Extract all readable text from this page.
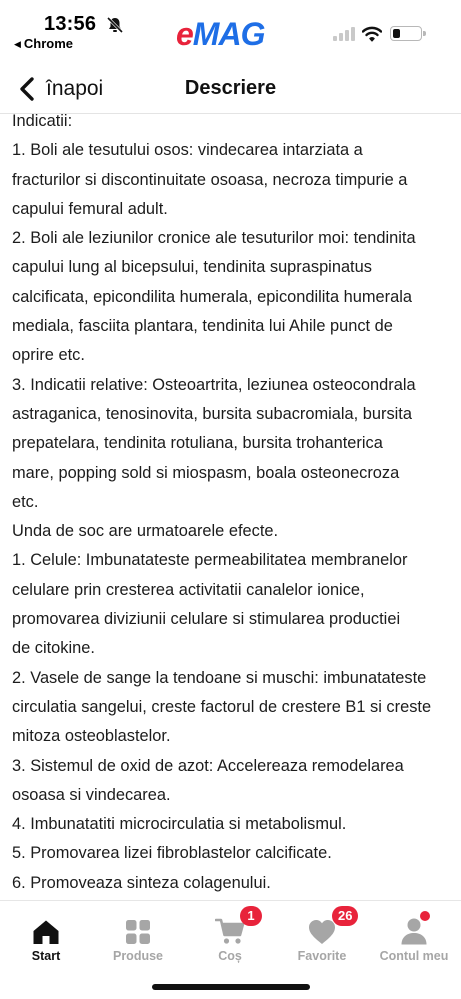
13:56
◀ Chrome	eMAG
înapoi	Descriere

Indicatii:

1. Boli ale tesutului osos: vindecarea intarziata a

fracturilor si discontinuitate osoasa, necroza timpurie a

capului femural adult.

2. Boli ale leziunilor cronice ale tesuturilor moi: tendinita

capului lung al bicepsului, tendinita supraspinatus

calcificata, epicondilita humerala, epicondilita humerala

mediala, fasciita plantara, tendinita lui Ahile punct de

oprire etc.

3. Indicatii relative: Osteoartrita, leziunea osteocondrala

astraganica, tenosinovita, bursita subacromiala, bursita

prepatelara, tendinita rotuliana, bursita trohanterica

mare, popping sold si miospasm, boala osteonecroza

etc.

Unda de soc are urmatoarele efecte.

1. Celule: Imbunatateste permeabilitatea membranelor

celulare prin cresterea activitatii canalelor ionice,

promovarea diviziunii celulare si stimularea productiei

de citokine.

2. Vasele de sange la tendoane si muschi: imbunatateste

circulatia sangelui, creste factorul de crestere B1 si creste

mitoza osteoblastelor.

3. Sistemul de oxid de azot: Accelereaza remodelarea

osoasa si vindecarea.

4. Imbunatatiti microcirculatia si metabolismul.

5. Promovarea lizei fibroblastelor calcificate.

6. Promoveaza sinteza colagenului.

Start	Produse
1
Coș
26
Favorite	Contul meu
